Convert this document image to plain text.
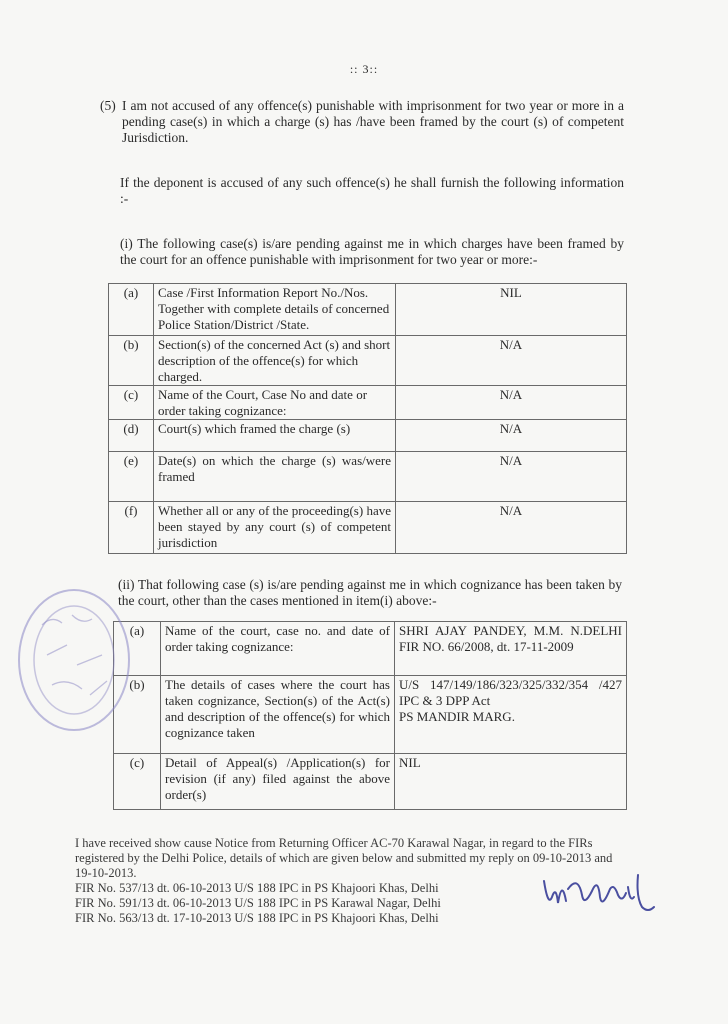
:: 3::
(5) I am not accused of any offence(s) punishable with imprisonment for two year or more in a pending case(s) in which a charge (s) has /have been framed by the court (s) of competent Jurisdiction.
If the deponent is accused of any such offence(s) he shall furnish the following information :-
(i) The following case(s) is/are pending against me in which charges have been framed by the court for an offence punishable with imprisonment for two year or more:-
(a)	Case /First Information Report No./Nos. Together with complete details of concerned Police Station/District /State.	NIL
(b)	Section(s) of the concerned Act (s) and short description of the offence(s) for which charged.	N/A
(c)	Name of the Court, Case No and date or order taking cognizance:	N/A
(d)	Court(s) which framed the charge (s)	N/A
(e)	Date(s) on which the charge (s) was/were framed	N/A
(f)	Whether all or any of the proceeding(s) have been stayed by any court (s) of competent jurisdiction	N/A
(ii) That following case (s) is/are pending against me in which cognizance has been taken by the court, other than the cases mentioned in item(i) above:-
(a)	Name of the court, case no. and date of order taking cognizance:	SHRI AJAY PANDEY, M.M. N.DELHI
FIR NO. 66/2008, dt. 17-11-2009

(b)	The details of cases where the court has taken cognizance, Section(s) of the Act(s) and description of the offence(s) for which cognizance taken	U/S 147/149/186/323/325/332/354 /427 IPC & 3 DPP Act
PS MANDIR MARG.

(c)	Detail of Appeal(s) /Application(s) for revision (if any) filed against the above order(s)	NIL
I have received show cause Notice from Returning Officer AC-70 Karawal Nagar, in regard to the FIRs registered by the Delhi Police, details of which are given below and submitted my reply on 09-10-2013 and 19-10-2013.
FIR No. 537/13 dt. 06-10-2013 U/S 188 IPC in PS Khajoori Khas, Delhi
FIR No. 591/13 dt. 06-10-2013 U/S 188 IPC in PS Karawal Nagar, Delhi
FIR No. 563/13 dt. 17-10-2013 U/S 188 IPC in PS Khajoori Khas, Delhi
